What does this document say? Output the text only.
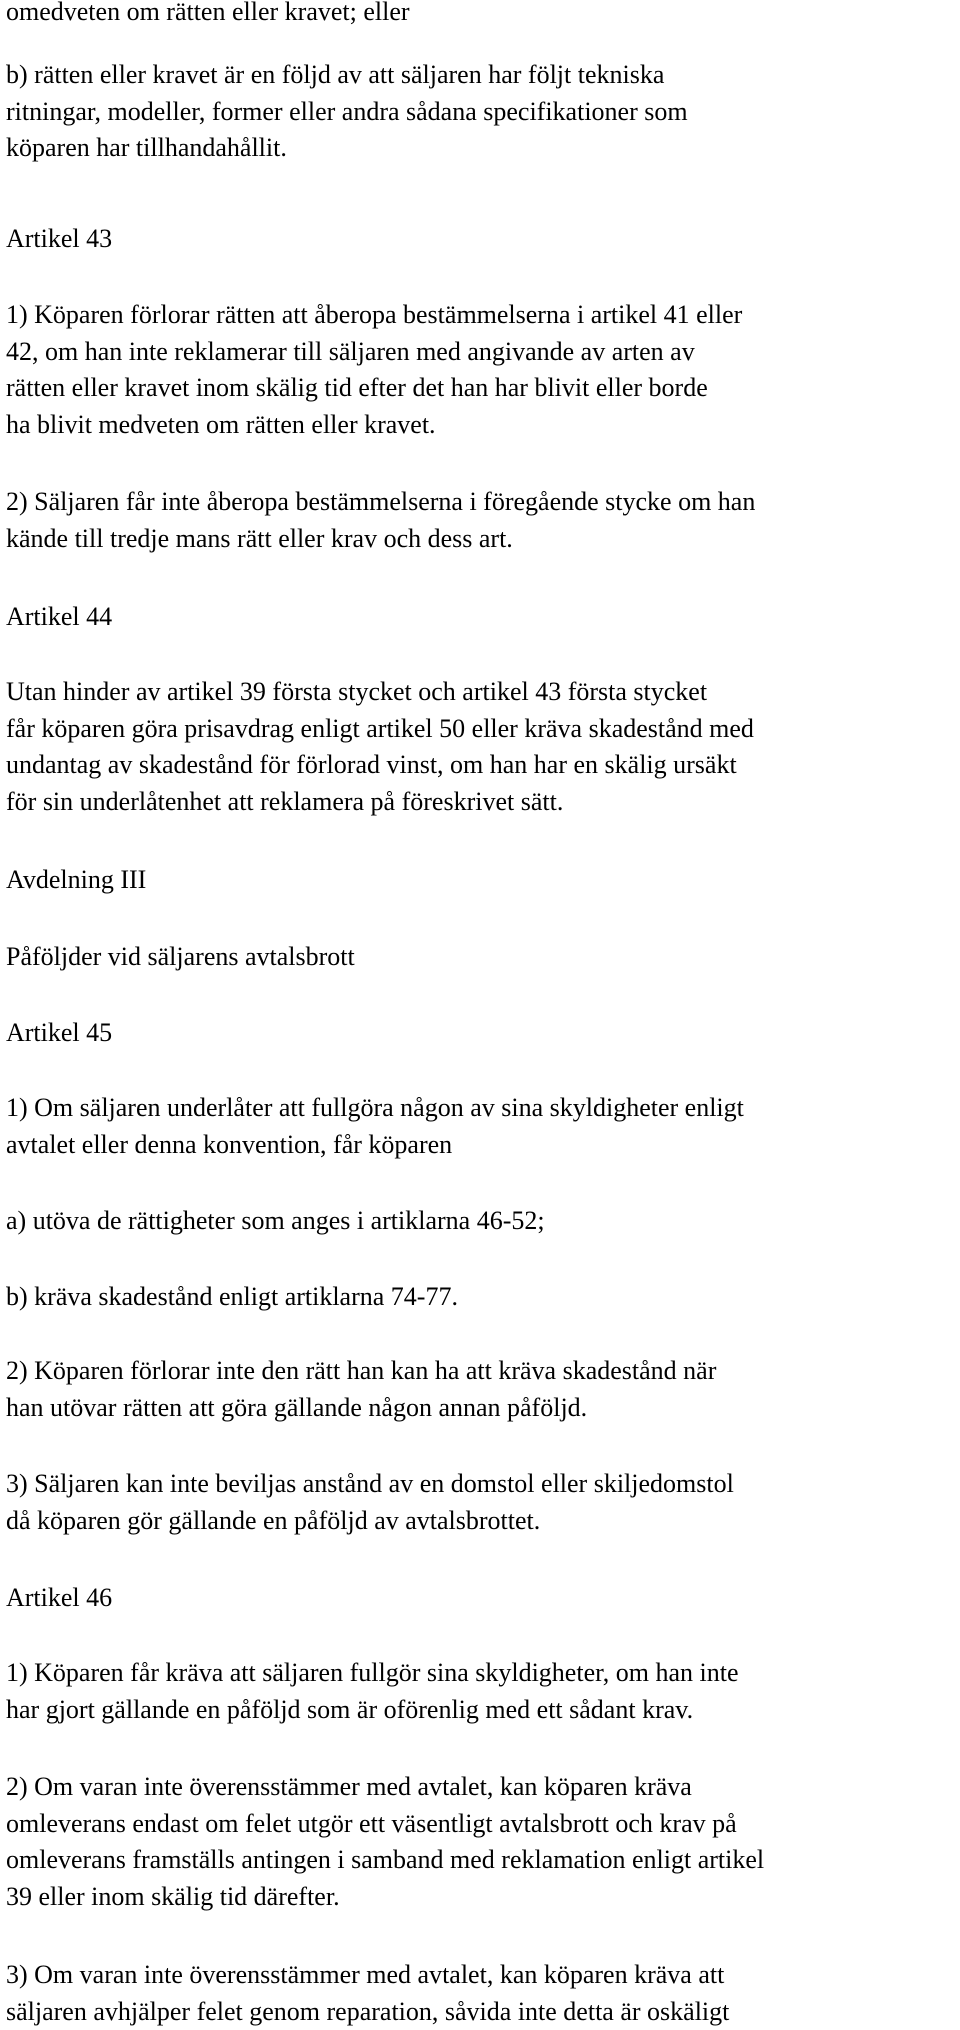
omedveten om rätten eller kravet; eller

b) rätten eller kravet är en följd av att säljaren har följt tekniska
ritningar, modeller, former eller andra sådana specifikationer som
köparen har tillhandahållit.

Artikel 43

1) Köparen förlorar rätten att åberopa bestämmelserna i artikel 41 eller
42, om han inte reklamerar till säljaren med angivande av arten av
rätten eller kravet inom skälig tid efter det han har blivit eller borde
ha blivit medveten om rätten eller kravet.

2) Säljaren får inte åberopa bestämmelserna i föregående stycke om han
kände till tredje mans rätt eller krav och dess art.

Artikel 44

Utan hinder av artikel 39 första stycket och artikel 43 första stycket
får köparen göra prisavdrag enligt artikel 50 eller kräva skadestånd med
undantag av skadestånd för förlorad vinst, om han har en skälig ursäkt
för sin underlåtenhet att reklamera på föreskrivet sätt.

Avdelning III

Påföljder vid säljarens avtalsbrott

Artikel 45

1) Om säljaren underlåter att fullgöra någon av sina skyldigheter enligt
avtalet eller denna konvention, får köparen

a) utöva de rättigheter som anges i artiklarna 46-52;

b) kräva skadestånd enligt artiklarna 74-77.

2) Köparen förlorar inte den rätt han kan ha att kräva skadestånd när
han utövar rätten att göra gällande någon annan påföljd.

3) Säljaren kan inte beviljas anstånd av en domstol eller skiljedomstol
då köparen gör gällande en påföljd av avtalsbrottet.

Artikel 46

1) Köparen får kräva att säljaren fullgör sina skyldigheter, om han inte
har gjort gällande en påföljd som är oförenlig med ett sådant krav.

2) Om varan inte överensstämmer med avtalet, kan köparen kräva
omleverans endast om felet utgör ett väsentligt avtalsbrott och krav på
omleverans framställs antingen i samband med reklamation enligt artikel
39 eller inom skälig tid därefter.

3) Om varan inte överensstämmer med avtalet, kan köparen kräva att
säljaren avhjälper felet genom reparation, såvida inte detta är oskäligt
